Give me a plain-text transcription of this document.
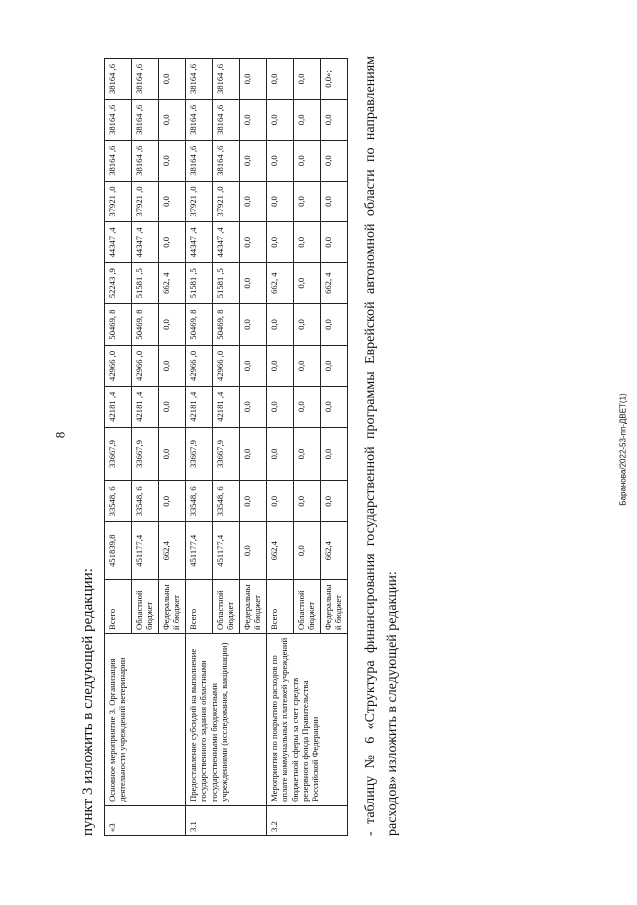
8	Баранова/2022-53-пп-ДВЕТ(1)
пункт 3 изложить в следующей редакции: «3	Основное мероприятие 3. Организация деятельности учреждений ветеринарии	Всего	451839,8	33548, 6	33667,9	42181 ,4	42966 ,0	50469, 8	52243 ,9	44347 ,4	37921 ,0	38164 ,6	38164 ,6	38164 ,6
		Областной бюджет	451177,4	33548, 6	33667,9	42181 ,4	42966 ,0	50469, 8	51581 ,5	44347 ,4	37921 ,0	38164 ,6	38164 ,6	38164 ,6
		Федеральный бюджет	662,4	0,0	0,0	0,0	0,0	0,0	662, 4	0,0	0,0	0,0	0,0	0,0
3.1	Предоставление субсидий на выполнение государственного задания областными государственными бюджетными учреждениями (исследования, вакцинации)	Всего	451177,4	33548, 6	33667,9	42181 ,4	42966 ,0	50469, 8	51581 ,5	44347 ,4	37921 ,0	38164 ,6	38164 ,6	38164 ,6
		Областной бюджет	451177,4	33548, 6	33667,9	42181 ,4	42966 ,0	50469, 8	51581 ,5	44347 ,4	37921 ,0	38164 ,6	38164 ,6	38164 ,6
		Федеральный бюджет	0,0	0,0	0,0	0,0	0,0	0,0	0,0	0,0	0,0	0,0	0,0	0,0
3.2	Мероприятия по покрытию расходов по оплате коммунальных платежей учреждений бюджетной сферы за счет средств резервного фонда Правительства Российской Федерации	Всего	662,4	0,0	0,0	0,0	0,0	0,0	662, 4	0,0	0,0	0,0	0,0	0,0
		Областной бюджет	0,0	0,0	0,0	0,0	0,0	0,0	0,0	0,0	0,0	0,0	0,0	0,0
		Федеральный бюджет	662,4	0,0	0,0	0,0	0,0	0,0	662, 4	0,0	0,0	0,0	0,0	0,0»; - таблицу № 6 «Структура финансирования государственной программы Еврейской автономной области по направлениям расходов» изложить в следующей редакции:
